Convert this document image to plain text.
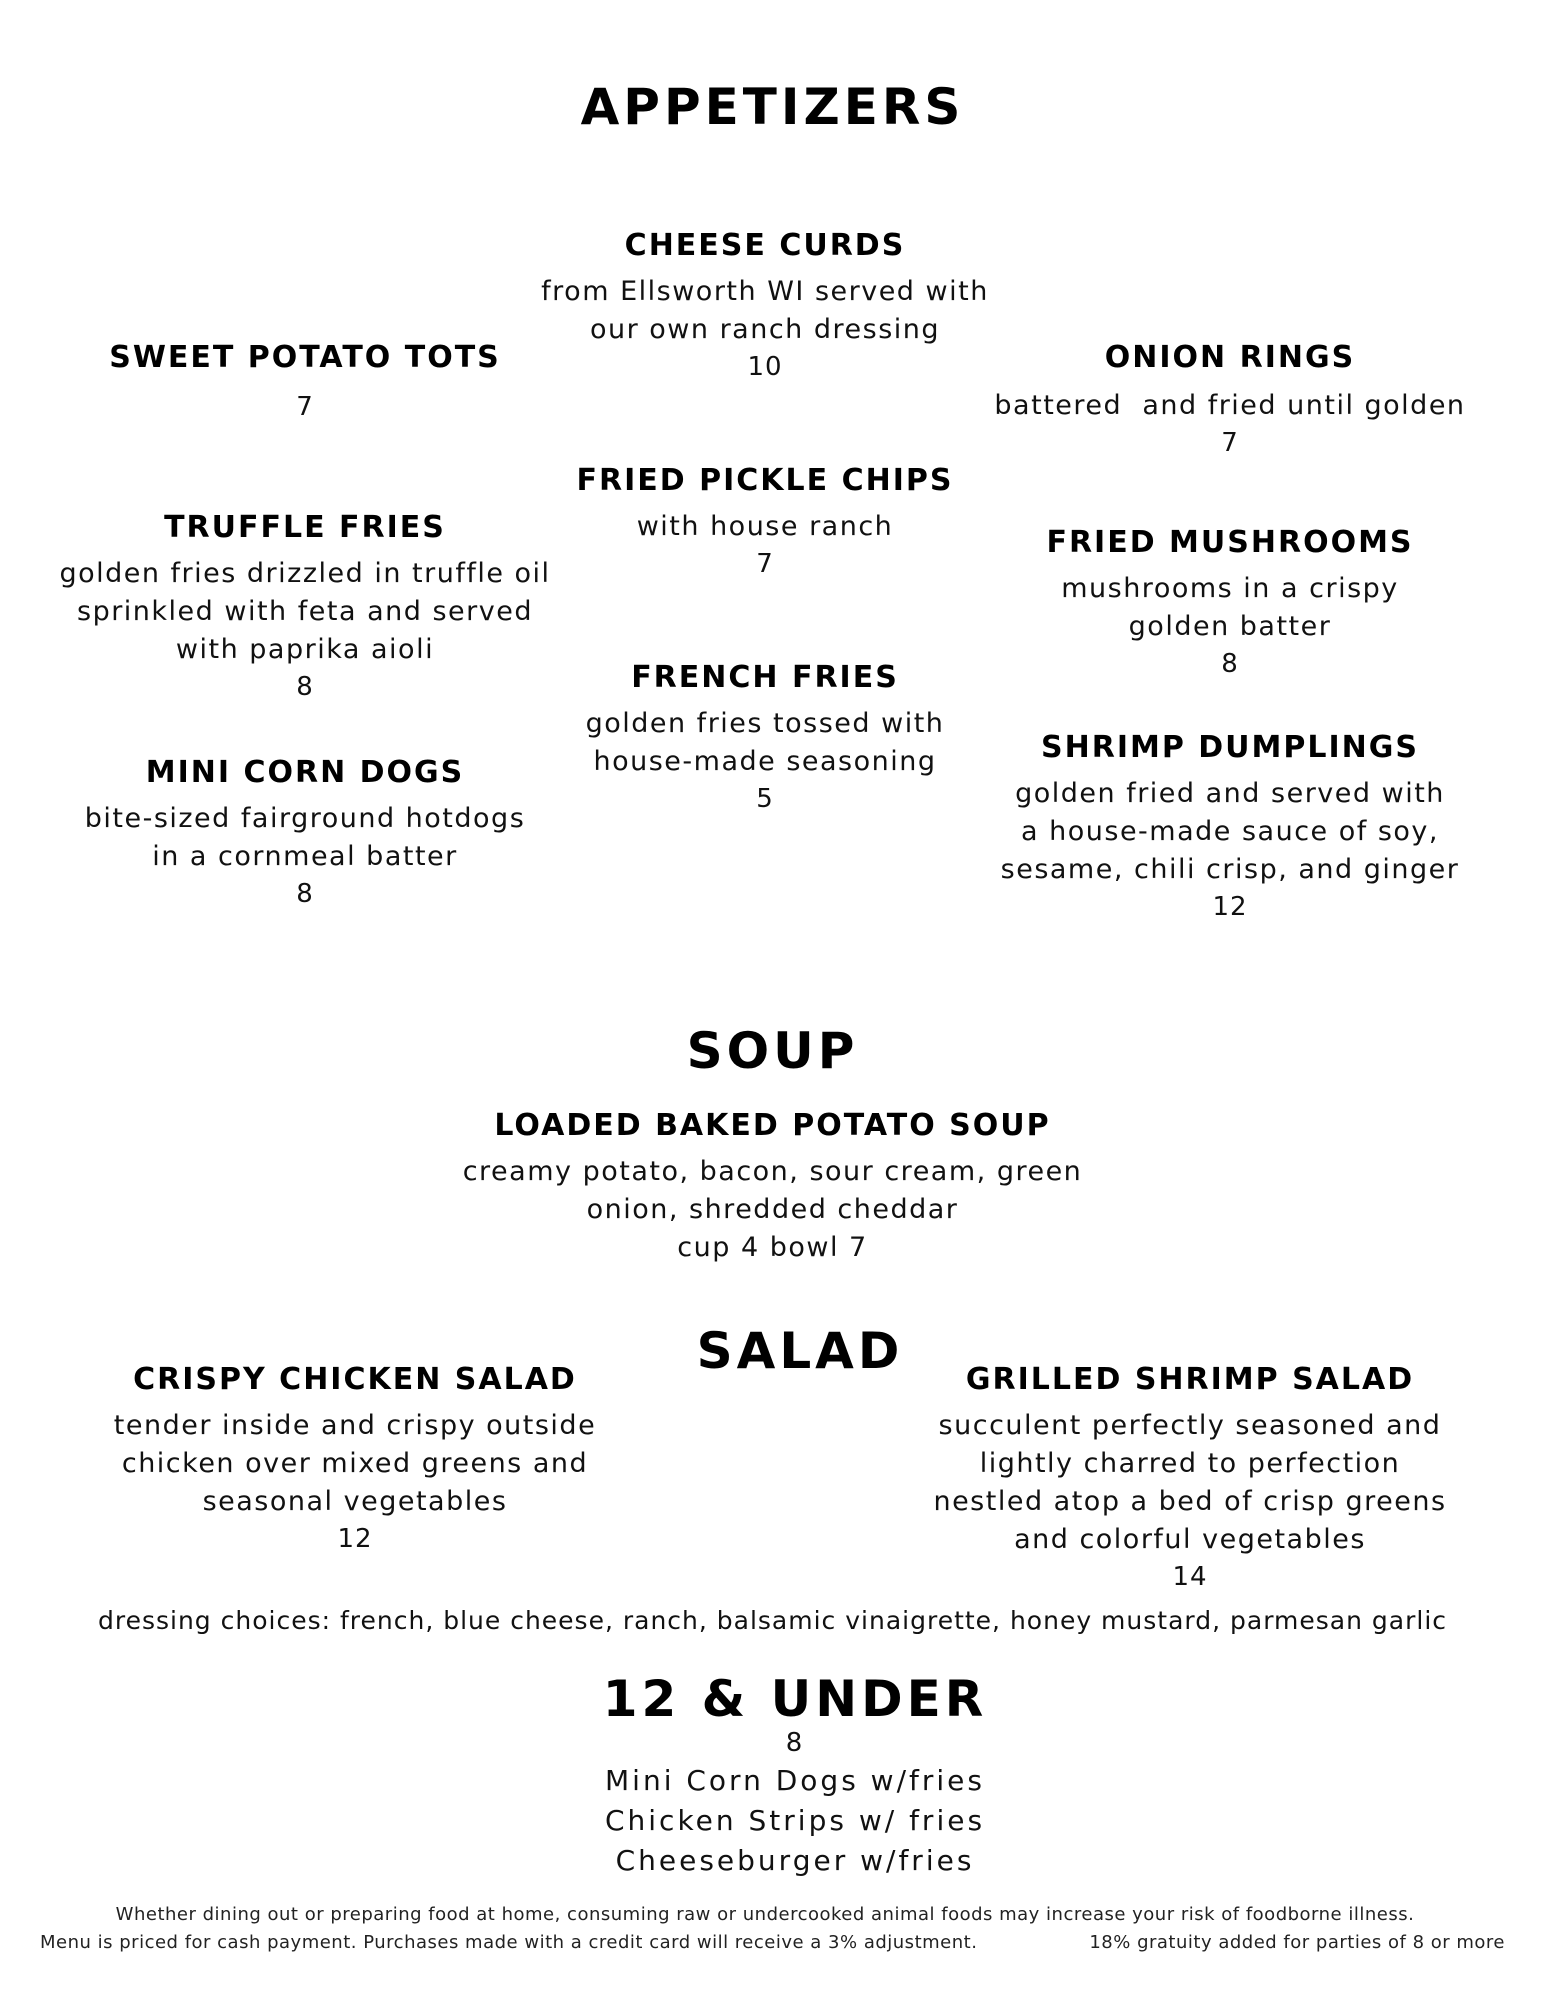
APPETIZERS
CHEESE CURDS
from Ellsworth WI served with
our own ranch dressing
10
SWEET POTATO TOTS
7
ONION RINGS
battered  and fried until golden
7
FRIED PICKLE CHIPS
with house ranch
7
TRUFFLE FRIES
golden fries drizzled in truffle oil
sprinkled with feta and served
with paprika aioli
8
FRIED MUSHROOMS
mushrooms in a crispy
golden batter
8
FRENCH FRIES
golden fries tossed with
house-made seasoning
5
SHRIMP DUMPLINGS
golden fried and served with
a house-made sauce of soy,
sesame, chili crisp, and ginger
12
MINI CORN DOGS
bite-sized fairground hotdogs
in a cornmeal batter
8
SOUP
LOADED BAKED POTATO SOUP
creamy potato, bacon, sour cream, green
onion, shredded cheddar
cup 4 bowl 7
SALAD
CRISPY CHICKEN SALAD
tender inside and crispy outside
chicken over mixed greens and
seasonal vegetables
12
GRILLED SHRIMP SALAD
succulent perfectly seasoned and
lightly charred to perfection
nestled atop a bed of crisp greens
and colorful vegetables
14
dressing choices: french, blue cheese, ranch, balsamic vinaigrette, honey mustard, parmesan garlic
12 & UNDER
8
Mini Corn Dogs w/fries
Chicken Strips w/ fries
Cheeseburger w/fries
Whether dining out or preparing food at home, consuming raw or undercooked animal foods may increase your risk of foodborne illness.
Menu is priced for cash payment. Purchases made with a credit card will receive a 3% adjustment.	18% gratuity added for parties of 8 or more
